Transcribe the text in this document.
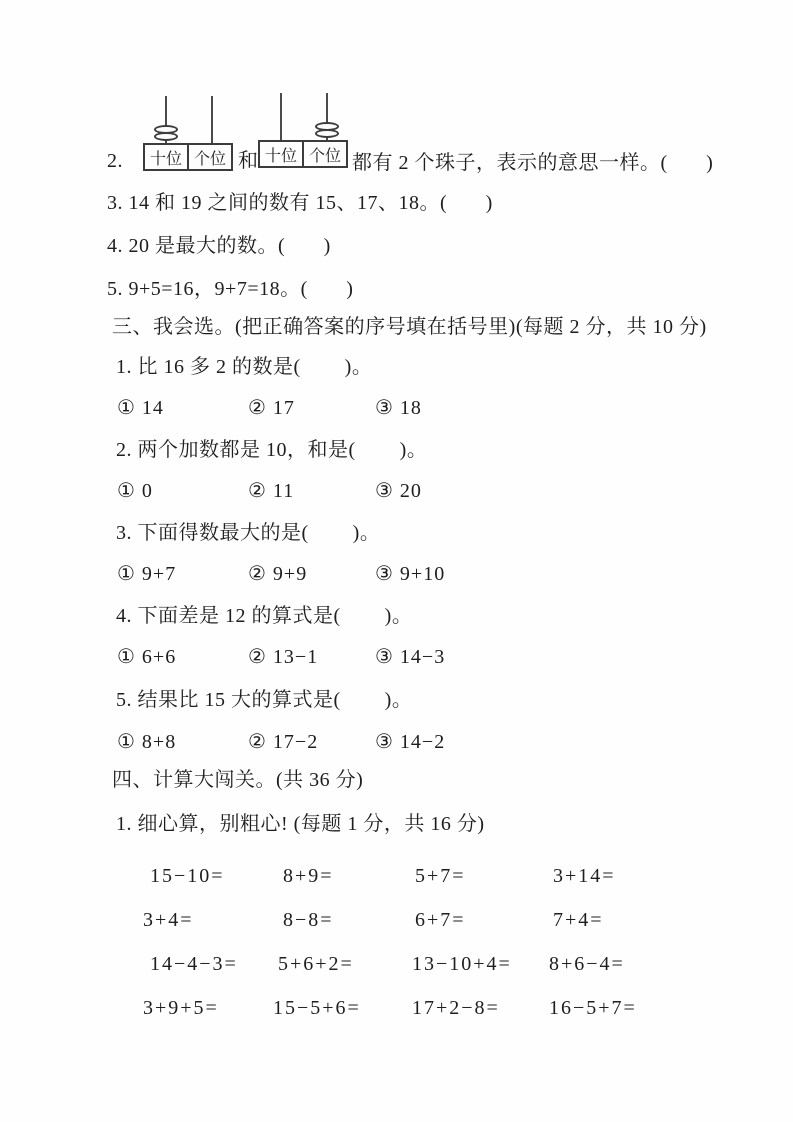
2.	十位 个位 和 十位 个位 都有 2 个珠子，表示的意思一样。(       )
3. 14 和 19 之间的数有 15、17、18。(       )
4. 20 是最大的数。(       )
5. 9+5=16，9+7=18。(       )
三、我会选。(把正确答案的序号填在括号里)(每题 2 分，共 10 分)
1. 比 16 多 2 的数是(        )。
① 14	② 17	③ 18
2. 两个加数都是 10，和是(        )。
① 0	② 11	③ 20
3. 下面得数最大的是(        )。
① 9+7	② 9+9	③ 9+10
4. 下面差是 12 的算式是(        )。
① 6+6	② 13−1	③ 14−3
5. 结果比 15 大的算式是(        )。
① 8+8	② 17−2	③ 14−2
四、计算大闯关。(共 36 分)
1. 细心算，别粗心! (每题 1 分，共 16 分)
15−10=	8+9=	5+7=	3+14=
3+4=	8−8=	6+7=	7+4=
14−4−3= 5+6+2=	13−10+4= 8+6−4=
3+9+5=	15−5+6=	17+2−8= 16−5+7=
